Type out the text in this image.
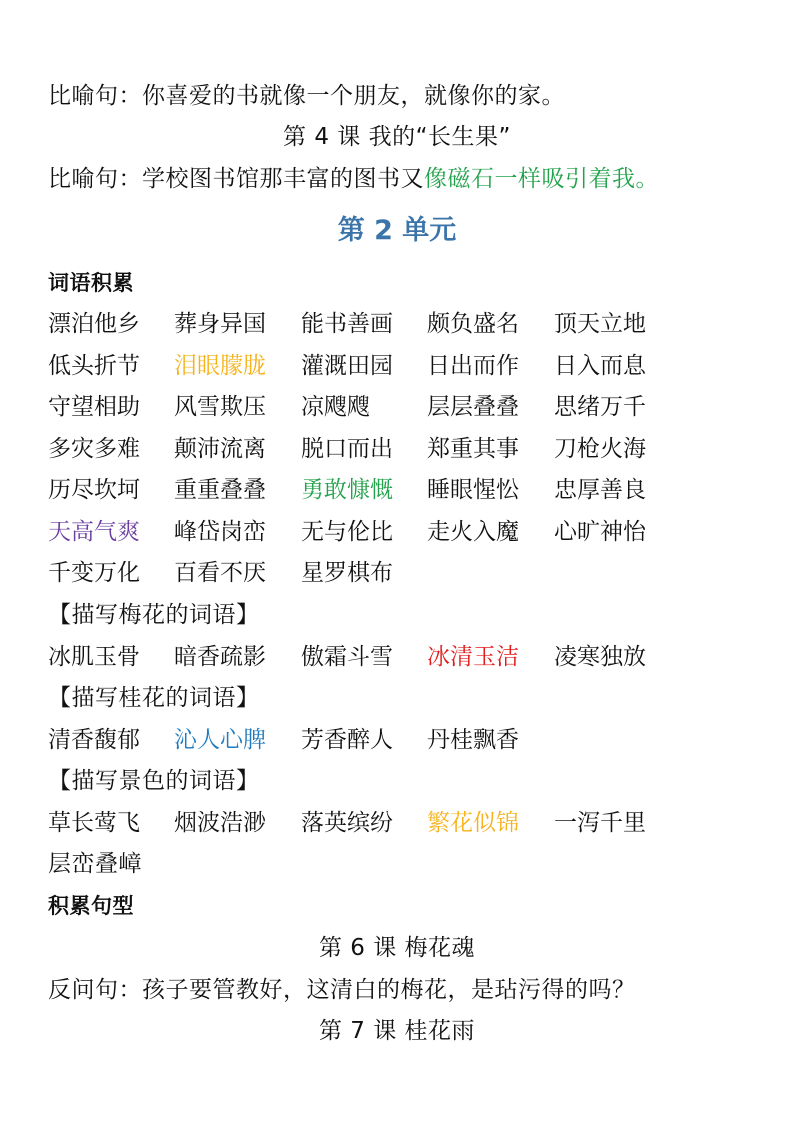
比喻句：你喜爱的书就像一个朋友，就像你的家。
第 4 课 我的“长生果”
比喻句：学校图书馆那丰富的图书又像磁石一样吸引着我。
第 2 单元
词语积累
漂泊他乡 葬身异国 能书善画 颇负盛名 顶天立地
低头折节 泪眼朦胧 灌溉田园 日出而作 日入而息
守望相助 风雪欺压 凉飕飕 层层叠叠 思绪万千
多灾多难 颠沛流离 脱口而出 郑重其事 刀枪火海
历尽坎坷 重重叠叠 勇敢慷慨 睡眼惺忪 忠厚善良
天高气爽 峰岱岗峦 无与伦比 走火入魔 心旷神怡
千变万化 百看不厌 星罗棋布
【描写梅花的词语】
冰肌玉骨 暗香疏影 傲霜斗雪 冰清玉洁 凌寒独放
【描写桂花的词语】
清香馥郁 沁人心脾 芳香醉人 丹桂飘香
【描写景色的词语】
草长莺飞 烟波浩渺 落英缤纷 繁花似锦 一泻千里
层峦叠嶂
积累句型
第 6 课 梅花魂
反问句：孩子要管教好，这清白的梅花，是玷污得的吗？
第 7 课 桂花雨
